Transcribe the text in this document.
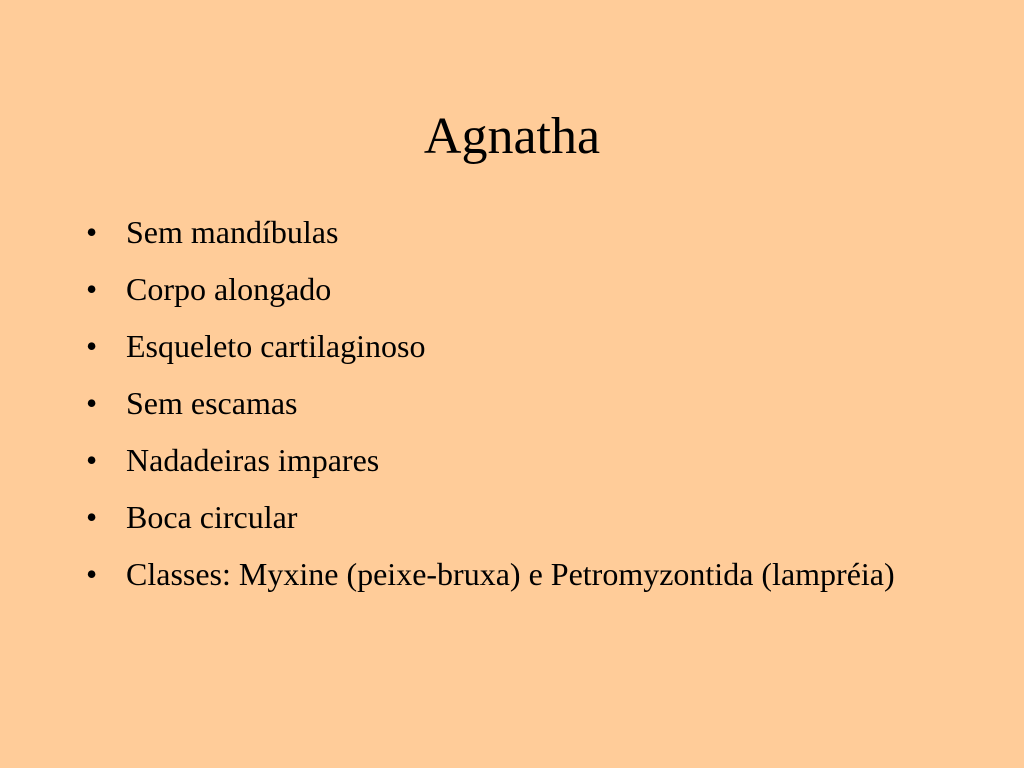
Agnatha
• Sem mandíbulas
• Corpo alongado
• Esqueleto cartilaginoso
• Sem escamas
• Nadadeiras impares
• Boca circular
• Classes: Myxine (peixe-bruxa) e Petromyzontida (lampréia)
